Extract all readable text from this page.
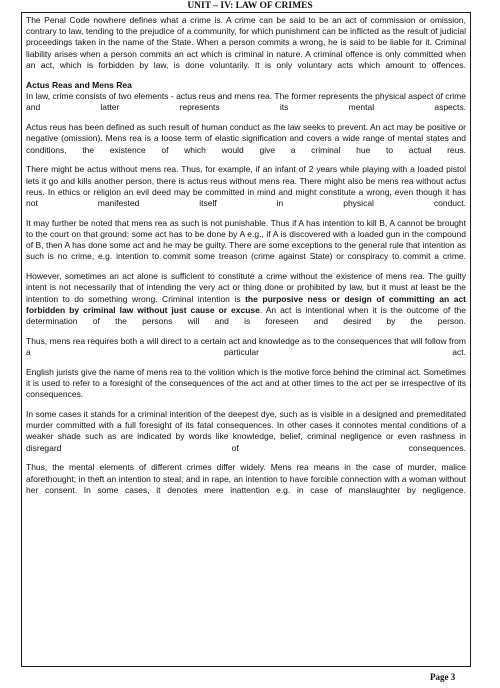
UNIT – IV: LAW OF CRIMES

The Penal Code nowhere defines what a crime is. A crime can be said to be an act of commission or omission, contrary to law, tending to the prejudice of a community, for which punishment can be inflicted as the result of judicial proceedings taken in the name of the State. When a person commits a wrong, he is said to be liable for it. Criminal liability arises when a person commits an act which is criminal in nature. A criminal offence is only committed when an act, which is forbidden by law, is done voluntarily. It is only voluntary acts which amount to offences.

Actus Reas and Mens Rea

In law, crime consists of two elements - actus reus and mens rea. The former represents the physical aspect of crime and latter represents its mental aspects.

Actus reus has been defined as such result of human conduct as the law seeks to prevent. An act may be positive or negative (omission). Mens rea is a loose term of elastic signification and covers a wide range of mental states and conditions, the existence of which would give a criminal hue to actual reus.

There might be actus without mens rea. Thus, for example, if an infant of 2 years while playing with a loaded pistol lets it go and kills another person, there is actus reus without mens rea. There might also be mens rea without actus reus. In ethics or religion an evil deed may be committed in mind and might constitute a wrong, even though it has not manifested itself in physical conduct.

It may further be noted that mens rea as such is not punishable. Thus if A has intention to kill B, A cannot be brought to the court on that ground; some act has to be done by A e.g., if A is discovered with a loaded gun in the compound of B, then A has done some act and he may be guilty. There are some exceptions to the general rule that intention as such is no crime, e.g. intention to commit some treason (crime against State) or conspiracy to commit a crime.

However, sometimes an act alone is sufficient to constitute a crime without the existence of mens rea. The guilty intent is not necessarily that of intending the very act or thing done or prohibited by law, but it must at least be the intention to do something wrong. Criminal intention is the purposive ness or design of committing an act forbidden by criminal law without just cause or excuse. An act is intentional when it is the outcome of the determination of the persons will and is foreseen and desired by the person.

Thus, mens rea requires both a will direct to a certain act and knowledge as to the consequences that will follow from a particular act.

English jurists give the name of mens rea to the volition which is the motive force behind the criminal act. Sometimes it is used to refer to a foresight of the consequences of the act and at other times to the act per se irrespective of its consequences.

In some cases it stands for a criminal intention of the deepest dye, such as is visible in a designed and premeditated murder committed with a full foresight of its fatal consequences. In other cases it connotes mental conditions of a weaker shade such as are indicated by words like knowledge, belief, criminal negligence or even rashness in disregard of consequences.

Thus, the mental elements of different crimes differ widely. Mens rea means in the case of murder, malice aforethought; in theft an intention to steal; and in rape, an intention to have forcible connection with a woman without her consent. In some cases, it denotes mere inattention e.g. in case of manslaughter by negligence.

Page 3
